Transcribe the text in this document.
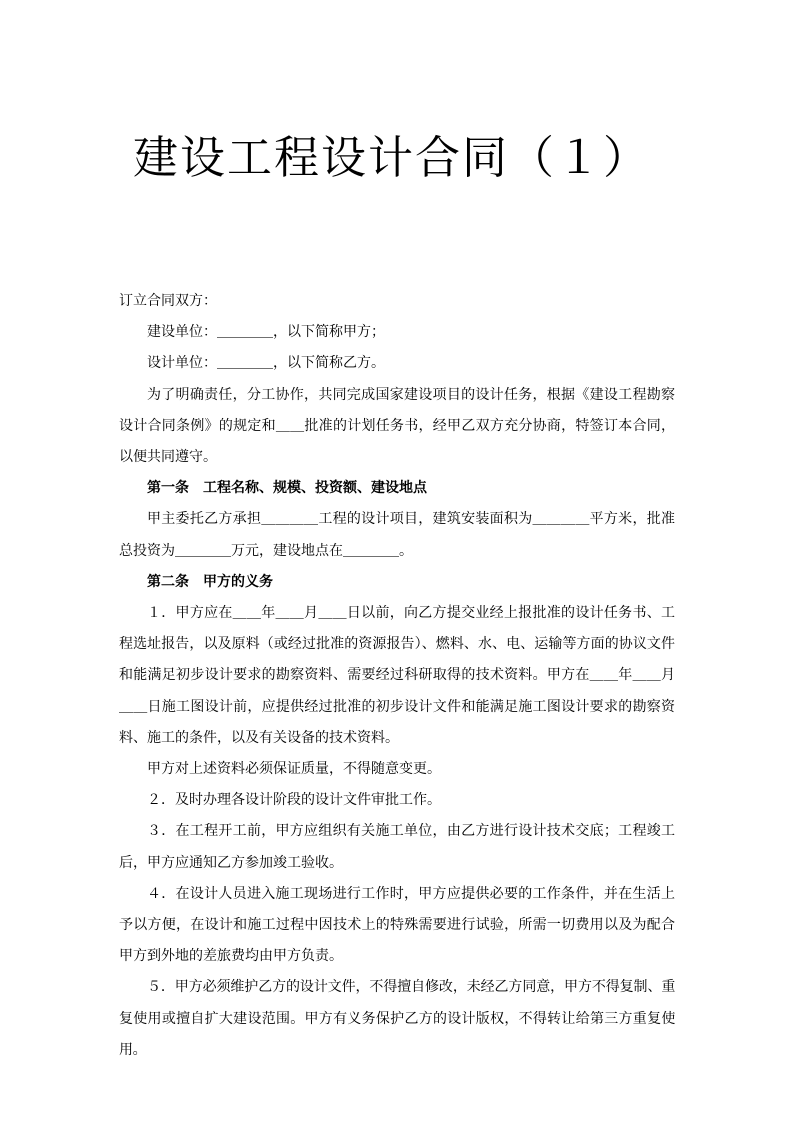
建设工程设计合同（１）

订立合同双方：

建设单位：＿＿＿＿，以下简称甲方；

设计单位：＿＿＿＿，以下简称乙方。

为了明确责任，分工协作，共同完成国家建设项目的设计任务，根据《建设工程勘察设计合同条例》的规定和＿＿批准的计划任务书，经甲乙双方充分协商，特签订本合同，以便共同遵守。

第一条　工程名称、规模、投资额、建设地点

甲主委托乙方承担＿＿＿＿工程的设计项目，建筑安装面积为＿＿＿＿平方米，批准总投资为＿＿＿＿万元，建设地点在＿＿＿＿。

第二条　甲方的义务

１．甲方应在＿＿年＿＿月＿＿日以前，向乙方提交业经上报批准的设计任务书、工程选址报告，以及原料（或经过批准的资源报告）、燃料、水、电、运输等方面的协议文件和能满足初步设计要求的勘察资料、需要经过科研取得的技术资料。甲方在＿＿年＿＿月＿＿日施工图设计前，应提供经过批准的初步设计文件和能满足施工图设计要求的勘察资料、施工的条件，以及有关设备的技术资料。

甲方对上述资料必须保证质量，不得随意变更。

２．及时办理各设计阶段的设计文件审批工作。

３．在工程开工前，甲方应组织有关施工单位，由乙方进行设计技术交底；工程竣工后，甲方应通知乙方参加竣工验收。

４．在设计人员进入施工现场进行工作时，甲方应提供必要的工作条件，并在生活上予以方便，在设计和施工过程中因技术上的特殊需要进行试验，所需一切费用以及为配合甲方到外地的差旅费均由甲方负责。

５．甲方必须维护乙方的设计文件，不得擅自修改，未经乙方同意，甲方不得复制、重复使用或擅自扩大建设范围。甲方有义务保护乙方的设计版权，不得转让给第三方重复使用。
